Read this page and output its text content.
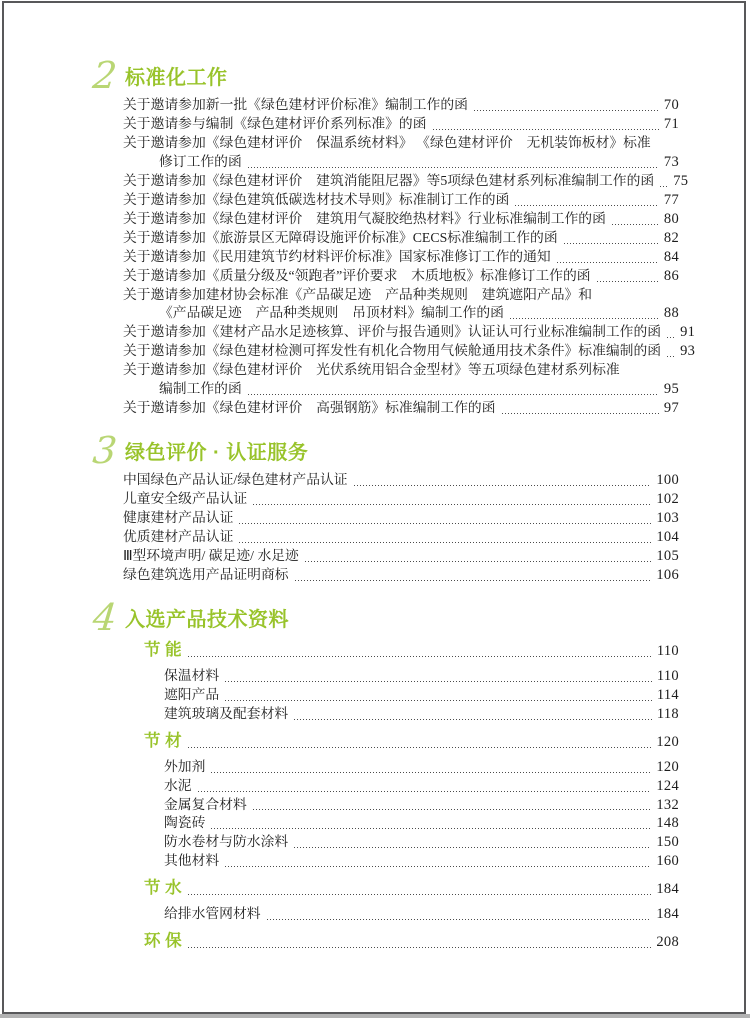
2 标准化工作
关于邀请参加新一批《绿色建材评价标准》编制工作的函	70
关于邀请参与编制《绿色建材评价系列标准》的函	71
关于邀请参加《绿色建材评价　保温系统材料》 《绿色建材评价　无机装饰板材》标准
修订工作的函	73
关于邀请参加《绿色建材评价　建筑消能阻尼器》等5项绿色建材系列标准编制工作的函 75
关于邀请参加《绿色建筑低碳选材技术导则》标准制订工作的函	77
关于邀请参加《绿色建材评价　建筑用气凝胶绝热材料》行业标准编制工作的函	80
关于邀请参加《旅游景区无障碍设施评价标准》CECS标准编制工作的函	82
关于邀请参加《民用建筑节约材料评价标准》国家标准修订工作的通知	84
关于邀请参加《质量分级及“领跑者”评价要求　木质地板》标准修订工作的函	86
关于邀请参加建材协会标准《产品碳足迹　产品种类规则　建筑遮阳产品》和
《产品碳足迹　产品种类规则　吊顶材料》编制工作的函	88
关于邀请参加《建材产品水足迹核算、评价与报告通则》认证认可行业标准编制工作的函 91
关于邀请参加《绿色建材检测可挥发性有机化合物用气候舱通用技术条件》标准编制的函 93
关于邀请参加《绿色建材评价　光伏系统用铝合金型材》等五项绿色建材系列标准
编制工作的函	95
关于邀请参加《绿色建材评价　高强钢筋》标准编制工作的函	97
3 绿色评价 · 认证服务
中国绿色产品认证/绿色建材产品认证	100
儿童安全级产品认证	102
健康建材产品认证	103
优质建材产品认证	104
Ⅲ型环境声明/ 碳足迹/ 水足迹	105
绿色建筑选用产品证明商标	106
4 入选产品技术资料
节 能	110
保温材料	110
遮阳产品	114
建筑玻璃及配套材料	118
节 材	120
外加剂	120
水泥	124
金属复合材料	132
陶瓷砖	148
防水卷材与防水涂料	150
其他材料	160
节 水	184
给排水管网材料	184
环 保	208
